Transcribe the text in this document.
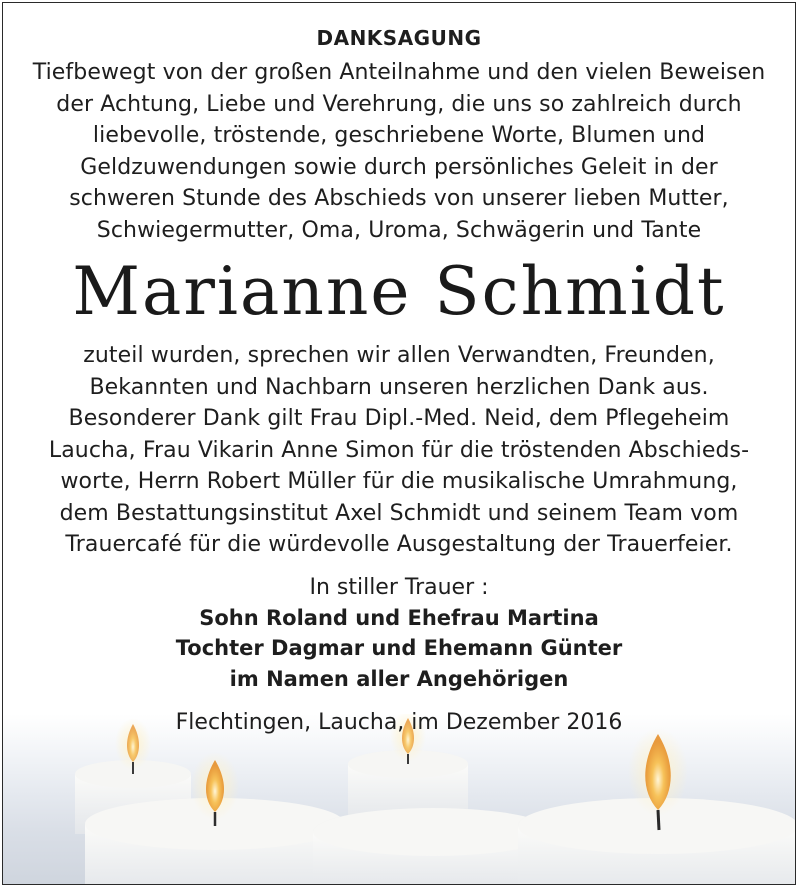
DANKSAGUNG
Tiefbewegt von der großen Anteilnahme und den vielen Beweisen
der Achtung, Liebe und Verehrung, die uns so zahlreich durch
liebevolle, tröstende, geschriebene Worte, Blumen und
Geldzuwendungen sowie durch persönliches Geleit in der
schweren Stunde des Abschieds von unserer lieben Mutter,
Schwiegermutter, Oma, Uroma, Schwägerin und Tante
Marianne Schmidt
zuteil wurden, sprechen wir allen Verwandten, Freunden,
Bekannten und Nachbarn unseren herzlichen Dank aus.
Besonderer Dank gilt Frau Dipl.-Med. Neid, dem Pflegeheim
Laucha, Frau Vikarin Anne Simon für die tröstenden Abschieds-
worte, Herrn Robert Müller für die musikalische Umrahmung,
dem Bestattungsinstitut Axel Schmidt und seinem Team vom
Trauercafé für die würdevolle Ausgestaltung der Trauerfeier.
In stiller Trauer :
Sohn Roland und Ehefrau Martina
Tochter Dagmar und Ehemann Günter
im Namen aller Angehörigen
Flechtingen, Laucha, im Dezember 2016
